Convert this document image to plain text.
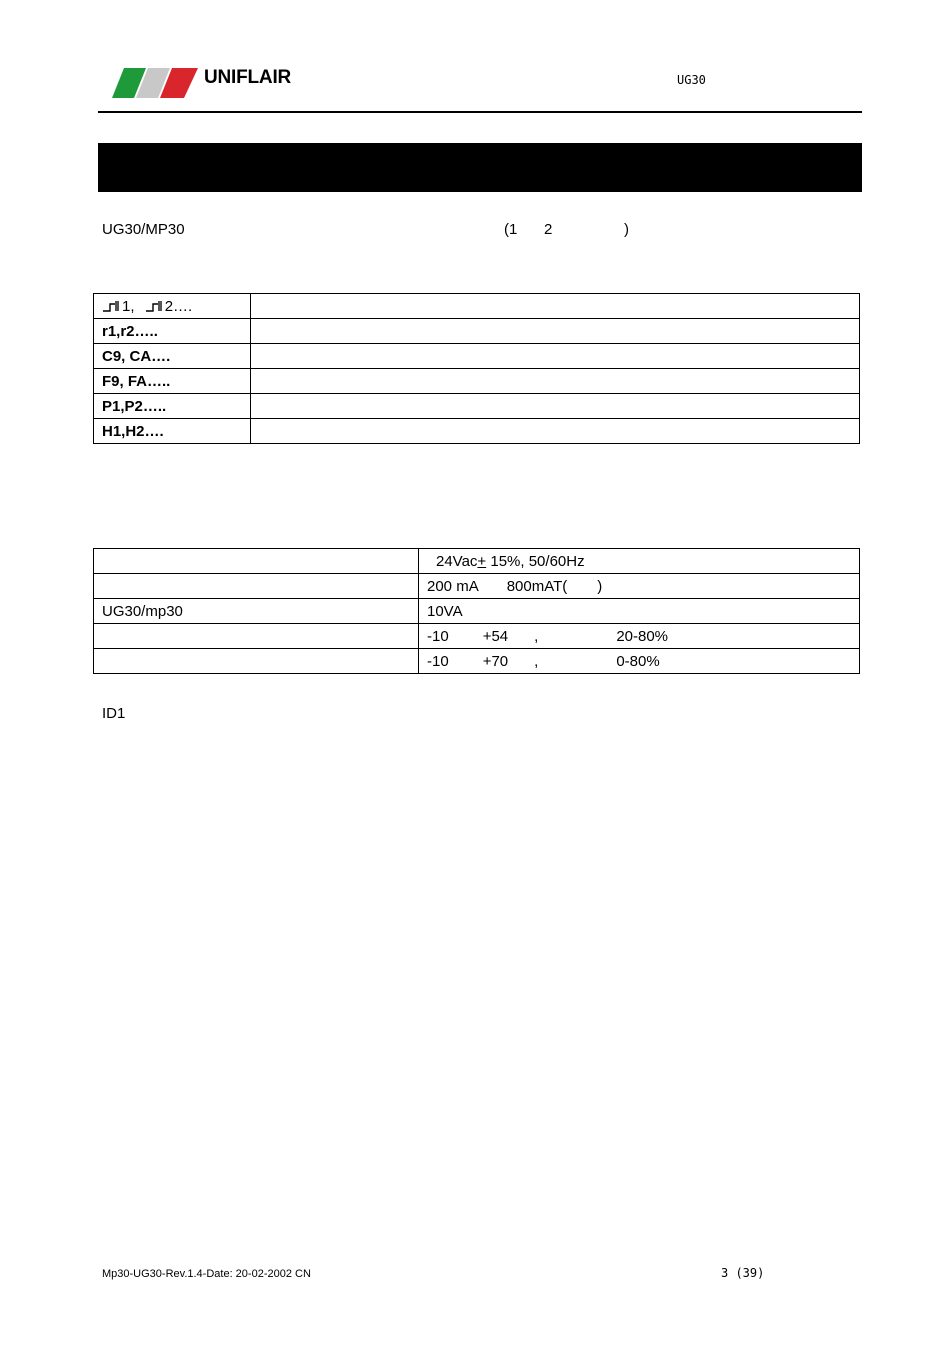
UNIFLAIR	UG30
UG30/MP30	(1 2	)
1, 2….	
r1,r2…..	
C9, CA….	
F9, FA…..	
P1,P2…..	
H1,H2….	
	24Vac+ 15%, 50/60Hz
	200 mA 800mAT( )
UG30/mp30	10VA
	-10 +54 , 20-80%
	-10 +70 , 0-80%
ID1
Mp30-UG30-Rev.1.4-Date: 20-02-2002 CN	3 (39)
